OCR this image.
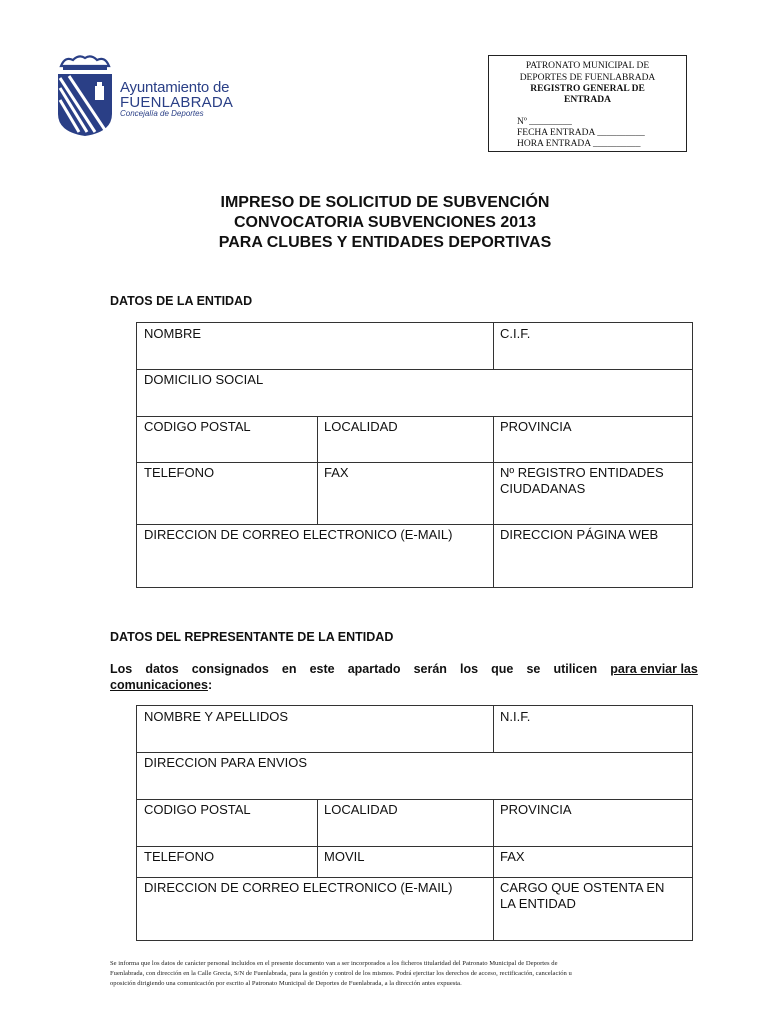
Ayuntamiento de
FUENLABRADA
Concejalía de Deportes
PATRONATO MUNICIPAL DE
DEPORTES DE FUENLABRADA
REGISTRO GENERAL DE
ENTRADA
Nº _________
FECHA ENTRADA __________
HORA ENTRADA __________
IMPRESO DE SOLICITUD DE SUBVENCIÓN
CONVOCATORIA SUBVENCIONES 2013
PARA CLUBES Y ENTIDADES DEPORTIVAS
DATOS DE LA ENTIDAD
NOMBRE	C.I.F.
DOMICILIO SOCIAL
CODIGO POSTAL	LOCALIDAD	PROVINCIA
TELEFONO	FAX	Nº REGISTRO ENTIDADES
CIUDADANAS
DIRECCION DE CORREO ELECTRONICO (E-MAIL)	DIRECCION PÁGINA WEB
DATOS DEL REPRESENTANTE DE LA ENTIDAD
Los datos consignados en este apartado serán los que se utilicen para enviar las
comunicaciones:
NOMBRE Y APELLIDOS	N.I.F.
DIRECCION PARA ENVIOS
CODIGO POSTAL	LOCALIDAD	PROVINCIA
TELEFONO	MOVIL	FAX
DIRECCION DE CORREO ELECTRONICO (E-MAIL)	CARGO QUE OSTENTA EN
LA ENTIDAD
Se informa que los datos de carácter personal incluidos en el presente documento van a ser incorporados a los ficheros titularidad del Patronato Municipal de Deportes de
Fuenlabrada, con dirección en la Calle Grecia, S/N de Fuenlabrada, para la gestión y control de los mismos. Podrá ejercitar los derechos de acceso, rectificación, cancelación u
oposición dirigiendo una comunicación por escrito al Patronato Municipal de Deportes de Fuenlabrada, a la dirección antes expuesta.
